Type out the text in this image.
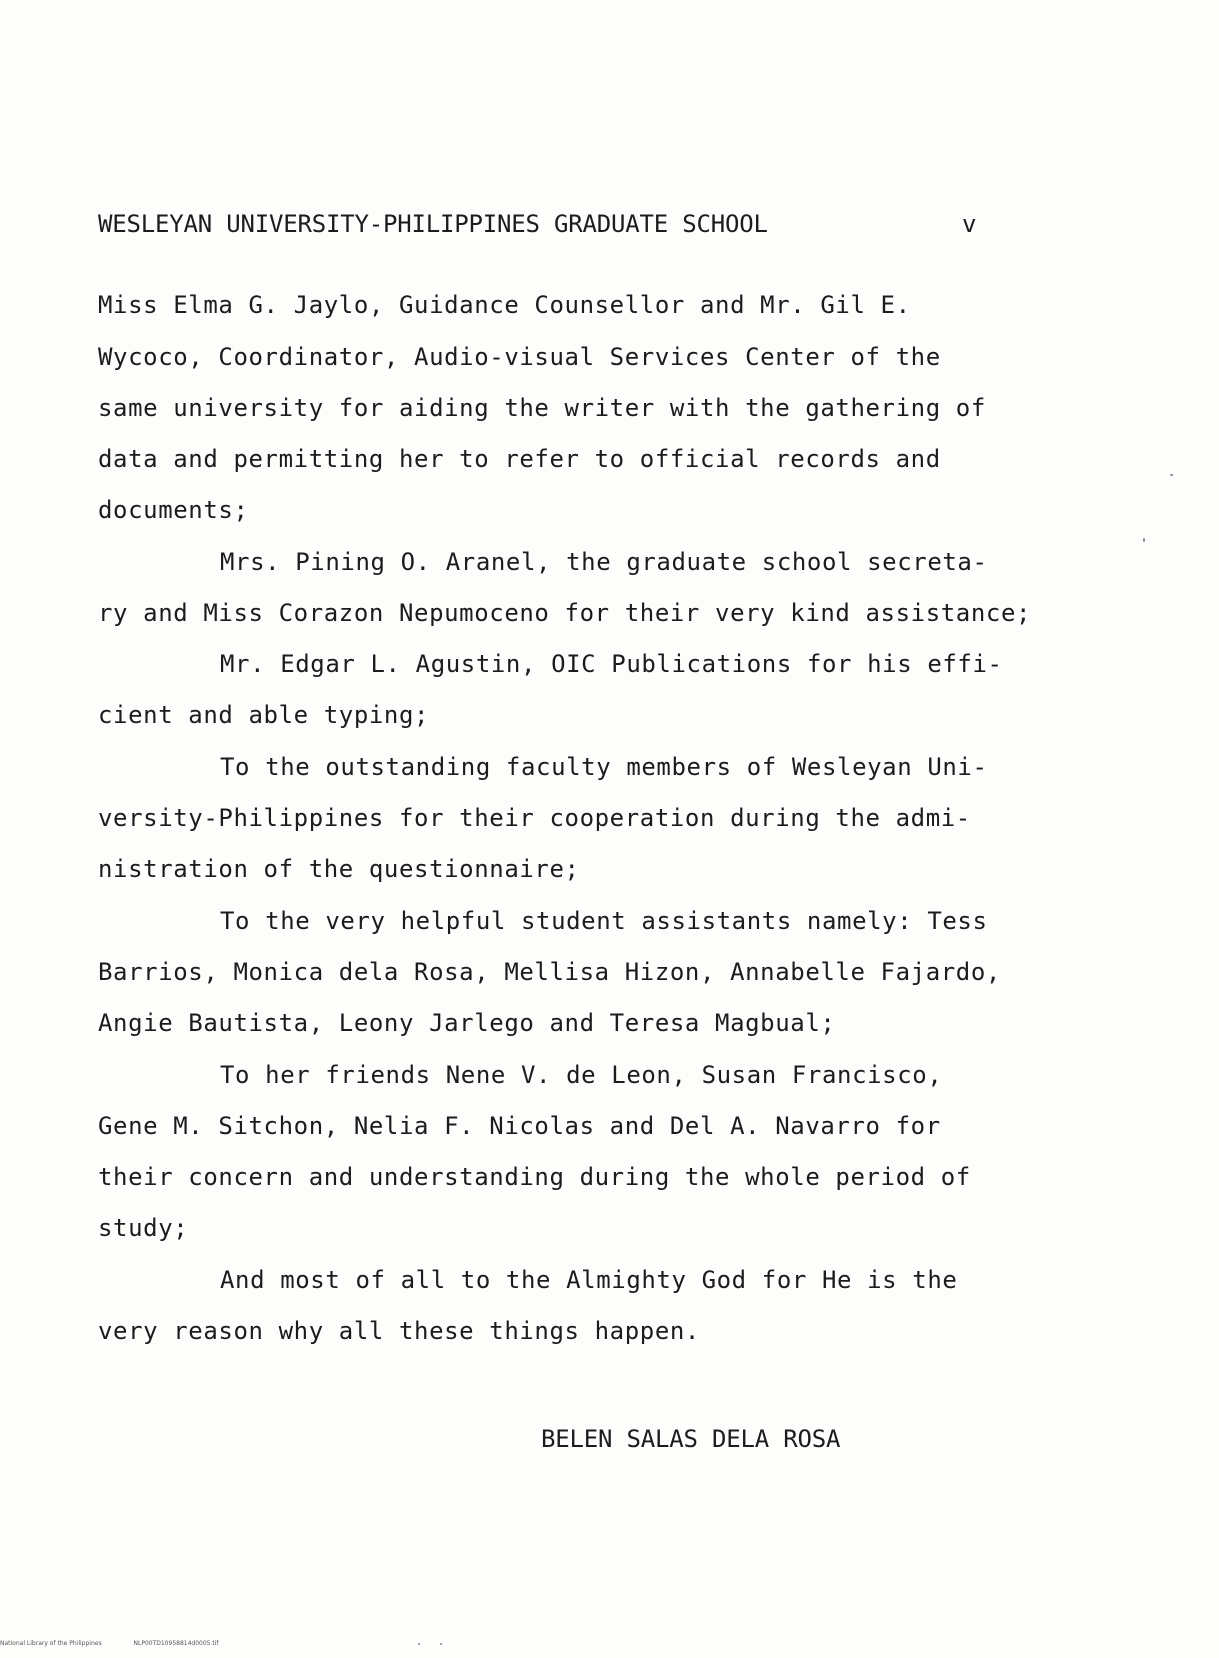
WESLEYAN UNIVERSITY-PHILIPPINES GRADUATE SCHOOL	v
Miss Elma G. Jaylo, Guidance Counsellor and Mr. Gil E.
Wycoco, Coordinator, Audio-visual Services Center of the
same university for aiding the writer with the gathering of
data and permitting her to refer to official records and
documents;
Mrs. Pining O. Aranel, the graduate school secreta-
ry and Miss Corazon Nepumoceno for their very kind assistance;
Mr. Edgar L. Agustin, OIC Publications for his effi-
cient and able typing;
To the outstanding faculty members of Wesleyan Uni-
versity-Philippines for their cooperation during the admi-
nistration of the questionnaire;
To the very helpful student assistants namely: Tess
Barrios, Monica dela Rosa, Mellisa Hizon, Annabelle Fajardo,
Angie Bautista, Leony Jarlego and Teresa Magbual;
To her friends Nene V. de Leon, Susan Francisco,
Gene M. Sitchon, Nelia F. Nicolas and Del A. Navarro for
their concern and understanding during the whole period of
study;
And most of all to the Almighty God for He is the
very reason why all these things happen.
BELEN SALAS DELA ROSA
National Library of the Philippines	NLP00TD10958814d0005.tif
